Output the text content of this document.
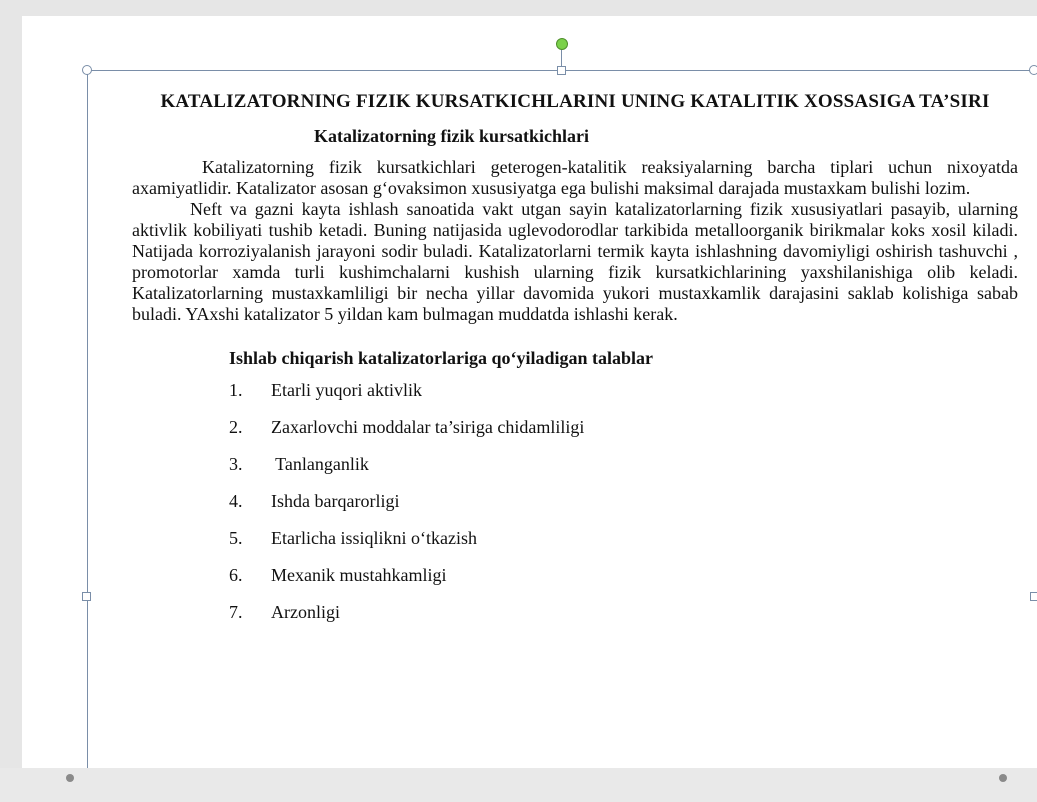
KATALIZATORNING FIZIK KURSATKICHLARINI UNING KATALITIK XOSSASIGA TA’SIRI
Katalizatorning fizik kursatkichlari

Katalizatorning fizik kursatkichlari geterogen-katalitik reaksiyalarning barcha tiplari uchun nixoyatda axamiyatlidir. Katalizator asosan g‘ovaksimon xususiyatga ega bulishi maksimal darajada mustaxkam bulishi lozim.

Neft va gazni kayta ishlash sanoatida vakt utgan sayin katalizatorlarning fizik xususiyatlari pasayib, ularning aktivlik kobiliyati tushib ketadi. Buning natijasida uglevodorodlar tarkibida metalloorganik birikmalar koks xosil kiladi. Natijada korroziyalanish jarayoni sodir buladi. Katalizatorlarni termik kayta ishlashning davomiyligi oshirish tashuvchi , promotorlar xamda turli kushimchalarni kushish ularning fizik kursatkichlarining yaxshilanishiga olib keladi. Katalizatorlarning mustaxkamliligi bir necha yillar davomida yukori mustaxkamlik darajasini saklab kolishiga sabab buladi. YAxshi katalizator 5 yildan kam bulmagan muddatda ishlashi kerak.

Ishlab chiqarish katalizatorlariga qo‘yiladigan talablar
1.	Etarli yuqori aktivlik
2.	Zaxarlovchi moddalar ta’siriga chidamliligi
3.	Tanlanganlik
4.	Ishda barqarorligi
5.	Etarlicha issiqlikni o‘tkazish
6.	Mexanik mustahkamligi
7.	Arzonligi
